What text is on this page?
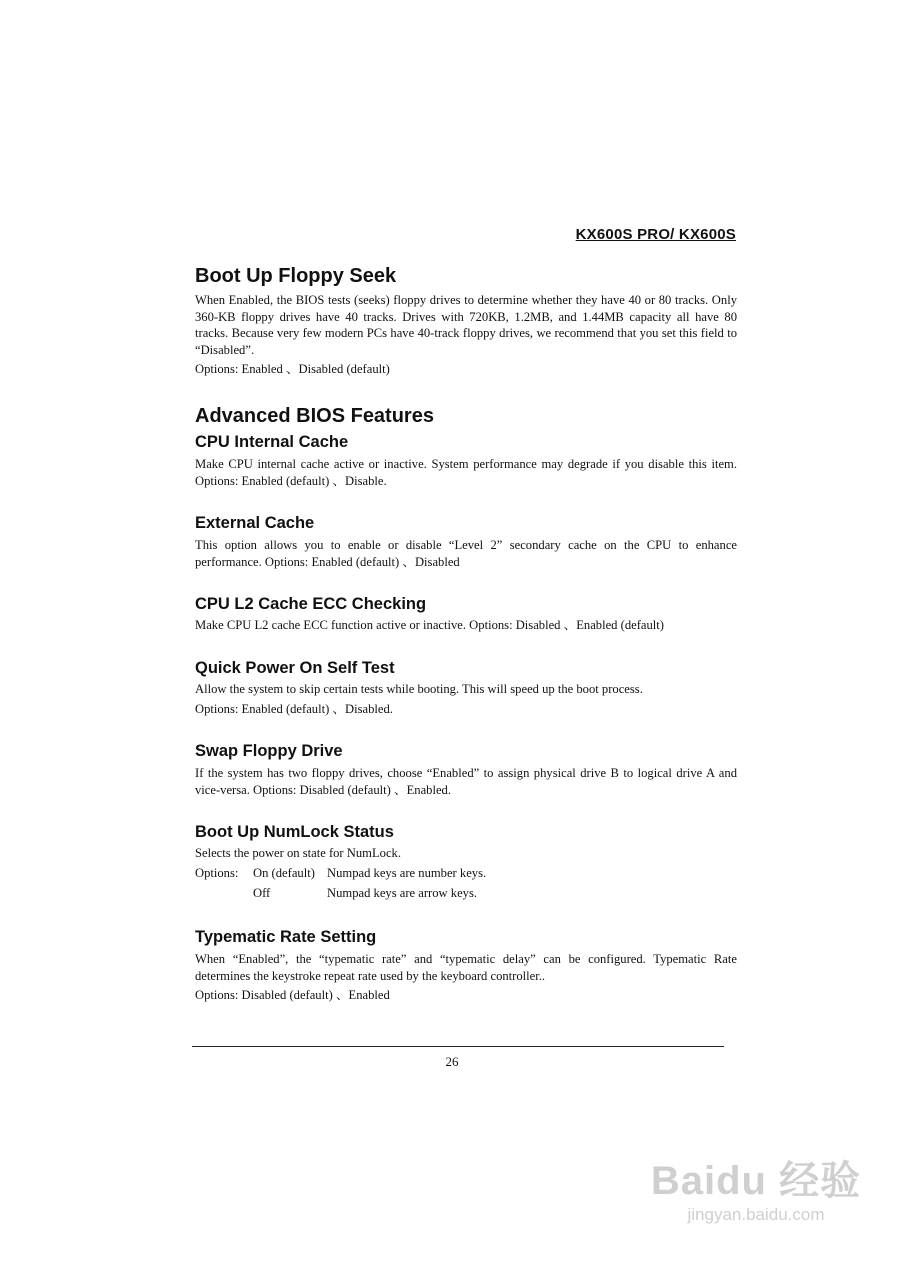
KX600S PRO/ KX600S
Boot Up Floppy Seek

When Enabled, the BIOS tests (seeks) floppy drives to determine whether they have 40 or 80 tracks. Only 360-KB floppy drives have 40 tracks. Drives with 720KB, 1.2MB, and 1.44MB capacity all have 80 tracks. Because very few modern PCs have 40-track floppy drives, we recommend that you set this field to “Disabled”.

Options: Enabled 、Disabled (default)

Advanced BIOS Features
CPU Internal Cache

Make CPU internal cache active or inactive. System performance may degrade if you disable this item. Options: Enabled (default) 、Disable.

External Cache

This option allows you to enable or disable “Level 2” secondary cache on the CPU to enhance performance. Options: Enabled (default) 、Disabled

CPU L2 Cache ECC Checking

Make CPU L2 cache ECC function active or inactive. Options: Disabled 、Enabled (default)

Quick Power On Self Test

Allow the system to skip certain tests while booting. This will speed up the boot process.

Options: Enabled (default) 、Disabled.

Swap Floppy Drive

If the system has two floppy drives, choose “Enabled” to assign physical drive B to logical drive A and vice-versa. Options: Disabled (default) 、Enabled.

Boot Up NumLock Status

Selects the power on state for NumLock.

Options:	On (default) Numpad keys are number keys.
Off	Numpad keys are arrow keys.
Typematic Rate Setting

When “Enabled”, the “typematic rate” and “typematic delay” can be configured. Typematic Rate determines the keystroke repeat rate used by the keyboard controller..

Options: Disabled (default) 、Enabled

26
Baidu 经验
jingyan.baidu.com
